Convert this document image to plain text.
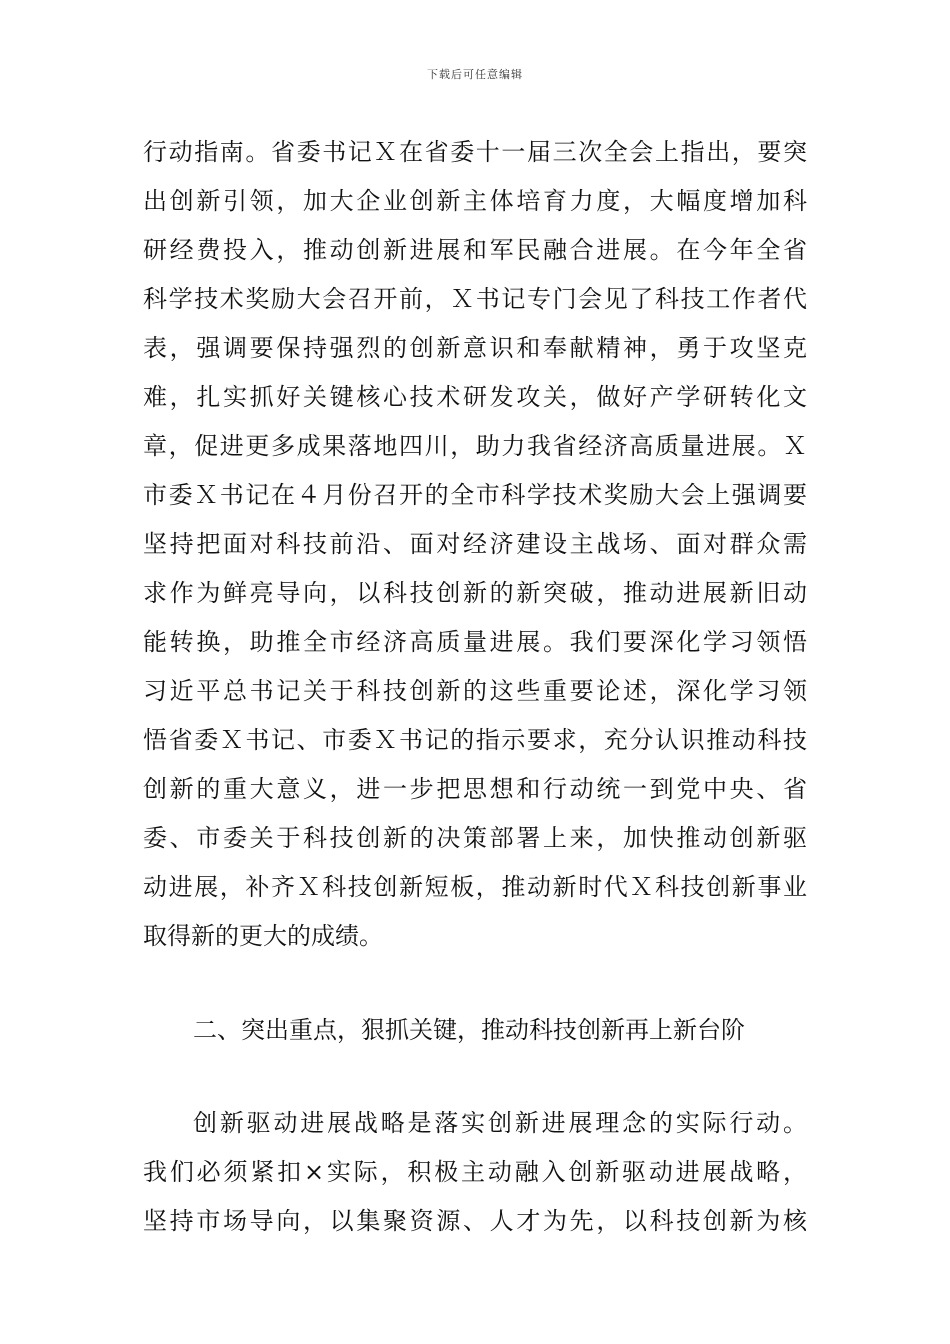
下载后可任意编辑
行动指南。省委书记Ｘ在省委十一届三次全会上指出，要突
出创新引领，加大企业创新主体培育力度，大幅度增加科
研经费投入，推动创新进展和军民融合进展。在今年全省
科学技术奖励大会召开前，Ｘ书记专门会见了科技工作者代
表，强调要保持强烈的创新意识和奉献精神，勇于攻坚克
难，扎实抓好关键核心技术研发攻关，做好产学研转化文
章，促进更多成果落地四川，助力我省经济高质量进展。Ｘ
市委Ｘ书记在４月份召开的全市科学技术奖励大会上强调要
坚持把面对科技前沿、面对经济建设主战场、面对群众需
求作为鲜亮导向，以科技创新的新突破，推动进展新旧动
能转换，助推全市经济高质量进展。我们要深化学习领悟
习近平总书记关于科技创新的这些重要论述，深化学习领
悟省委Ｘ书记、市委Ｘ书记的指示要求，充分认识推动科技
创新的重大意义，进一步把思想和行动统一到党中央、省
委、市委关于科技创新的决策部署上来，加快推动创新驱
动进展，补齐Ｘ科技创新短板，推动新时代Ｘ科技创新事业
取得新的更大的成绩。
二、突出重点，狠抓关键，推动科技创新再上新台阶
创新驱动进展战略是落实创新进展理念的实际行动。
我们必须紧扣×实际，积极主动融入创新驱动进展战略，
坚持市场导向，以集聚资源、人才为先，以科技创新为核
